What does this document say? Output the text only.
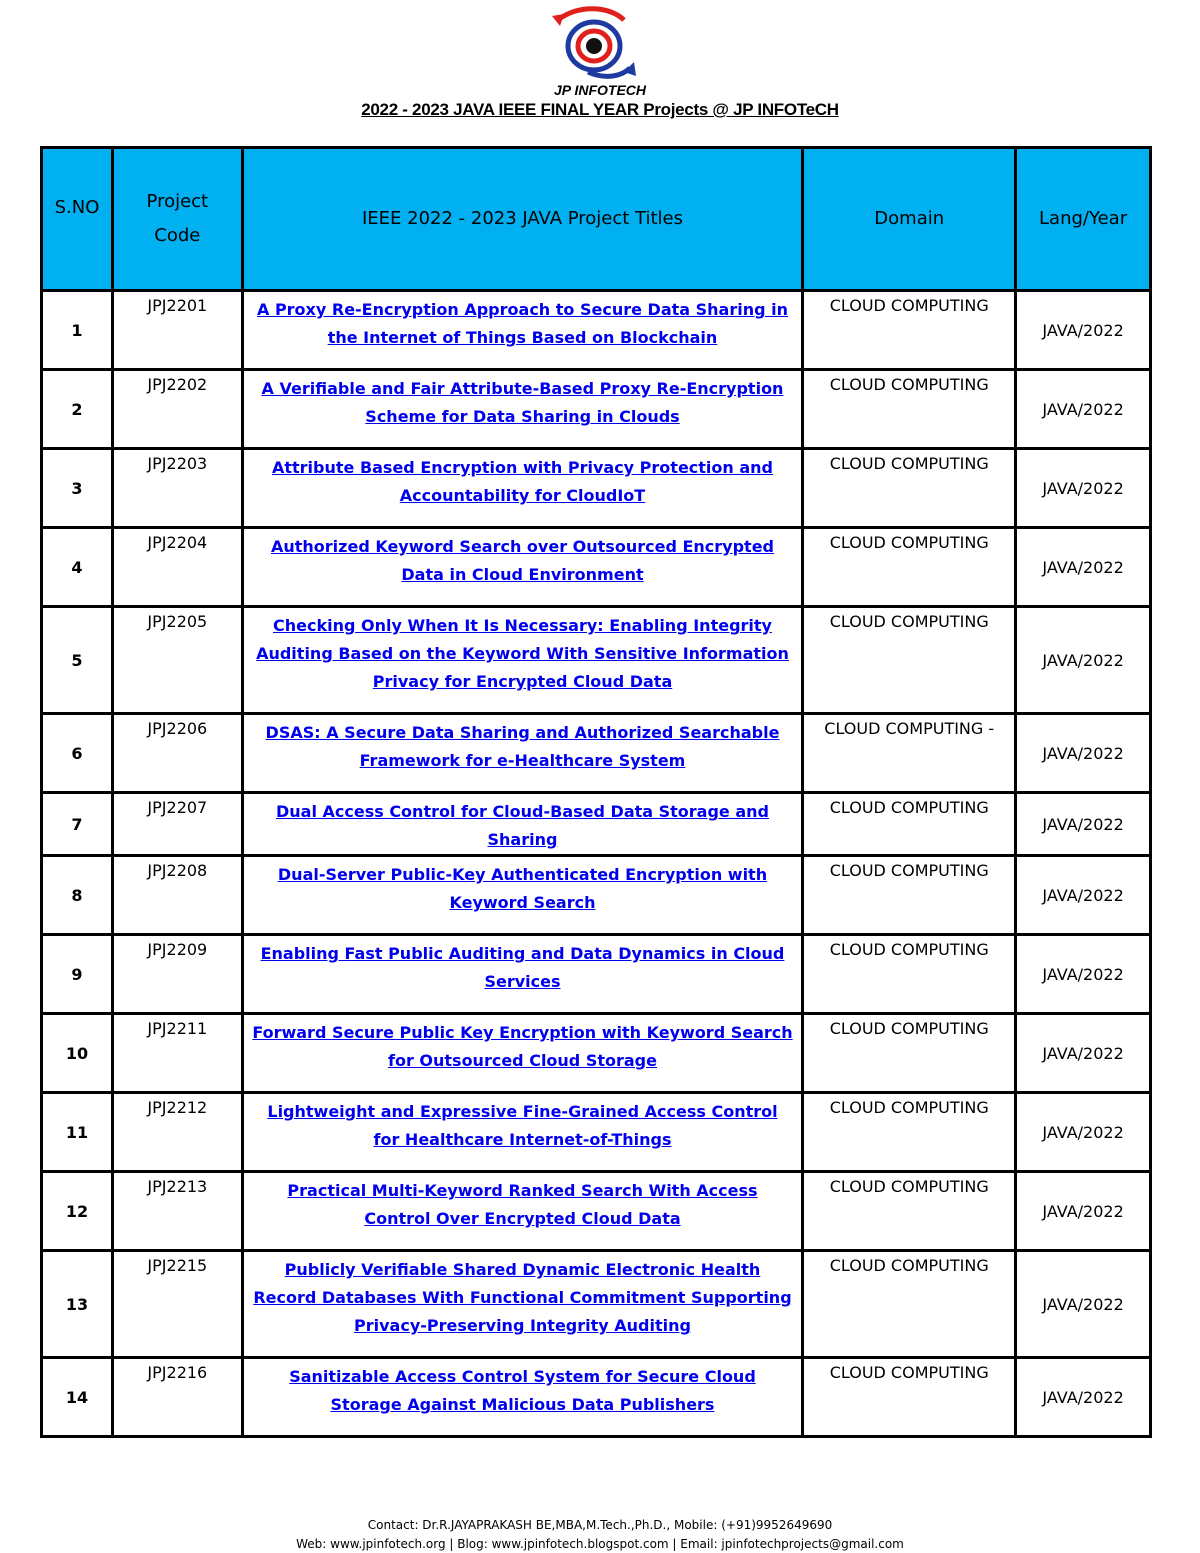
JP INFOTECH
2022 - 2023 JAVA IEEE FINAL YEAR Projects @ JP INFOTeCH
S.NO	Project Code	IEEE 2022 - 2023 JAVA Project Titles	Domain	Lang/Year
1	JPJ2201	A Proxy Re-Encryption Approach to Secure Data Sharing in the Internet of Things Based on Blockchain	CLOUD COMPUTING	JAVA/2022
2	JPJ2202	A Verifiable and Fair Attribute-Based Proxy Re-Encryption Scheme for Data Sharing in Clouds	CLOUD COMPUTING	JAVA/2022
3	JPJ2203	Attribute Based Encryption with Privacy Protection and Accountability for CloudIoT	CLOUD COMPUTING	JAVA/2022
4	JPJ2204	Authorized Keyword Search over Outsourced Encrypted Data in Cloud Environment	CLOUD COMPUTING	JAVA/2022
5	JPJ2205	Checking Only When It Is Necessary: Enabling Integrity Auditing Based on the Keyword With Sensitive Information Privacy for Encrypted Cloud Data	CLOUD COMPUTING	JAVA/2022
6	JPJ2206	DSAS: A Secure Data Sharing and Authorized Searchable Framework for e-Healthcare System	CLOUD COMPUTING -	JAVA/2022
7	JPJ2207	Dual Access Control for Cloud-Based Data Storage and Sharing	CLOUD COMPUTING	JAVA/2022
8	JPJ2208	Dual-Server Public-Key Authenticated Encryption with Keyword Search	CLOUD COMPUTING	JAVA/2022
9	JPJ2209	Enabling Fast Public Auditing and Data Dynamics in Cloud Services	CLOUD COMPUTING	JAVA/2022
10	JPJ2211	Forward Secure Public Key Encryption with Keyword Search for Outsourced Cloud Storage	CLOUD COMPUTING	JAVA/2022
11	JPJ2212	Lightweight and Expressive Fine-Grained Access Control for Healthcare Internet-of-Things	CLOUD COMPUTING	JAVA/2022
12	JPJ2213	Practical Multi-Keyword Ranked Search With Access Control Over Encrypted Cloud Data	CLOUD COMPUTING	JAVA/2022
13	JPJ2215	Publicly Verifiable Shared Dynamic Electronic Health Record Databases With Functional Commitment Supporting Privacy-Preserving Integrity Auditing	CLOUD COMPUTING	JAVA/2022
14	JPJ2216	Sanitizable Access Control System for Secure Cloud Storage Against Malicious Data Publishers	CLOUD COMPUTING	JAVA/2022
Contact: Dr.R.JAYAPRAKASH BE,MBA,M.Tech.,Ph.D., Mobile: (+91)9952649690
Web: www.jpinfotech.org | Blog: www.jpinfotech.blogspot.com | Email: jpinfotechprojects@gmail.com
